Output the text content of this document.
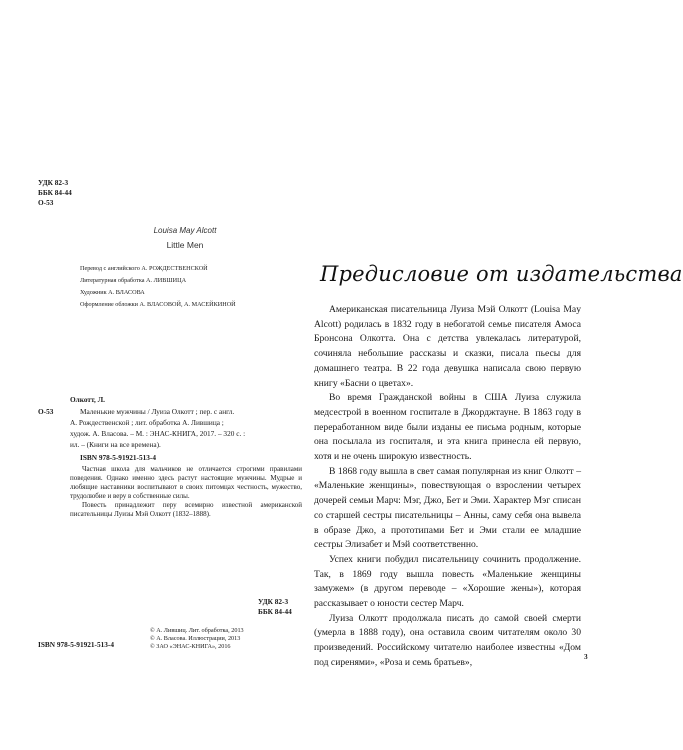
УДК 82-3
ББК 84-44
О-53
Louisa May Alcott
Little Men
Перевод с английского А. РОЖДЕСТВЕНСКОЙ
Литературная обработка А. ЛИВШИЦА
Художник А. ВЛАСОВА
Оформление обложки А. ВЛАСОВОЙ, А. МАСЕЙКИНОЙ
Олкотт, Л.
О-53	Маленькие мужчины / Луиза Олкотт ; пер. с англ.
А. Рождественской ; лит. обработка А. Лившица ;
худож. А. Власова. – М. : ЭНАС-КНИГА, 2017. – 320 с. :
ил. – (Книги на все времена).
ISBN 978-5-91921-513-4

Частная школа для мальчиков не отличается строгими правилами поведения. Однако именно здесь растут настоящие мужчины. Мудрые и любящие наставники воспитывают в своих питомцах честность, мужество, трудолюбие и веру в собственные силы.

Повесть принадлежит перу всемирно известной американской писательницы Луизы Мэй Олкотт (1832–1888).

УДК 82-3
ББК 84-44
ISBN 978-5-91921-513-4
© А. Лившиц. Лит. обработка, 2013
© А. Власова. Иллюстрации, 2013
© ЗАО «ЭНАС-КНИГА», 2016
Предисловие от издательства

Американская писательница Луиза Мэй Олкотт (Louisa May Alcott) родилась в 1832 году в небогатой семье писателя Амоса Бронсона Олкотта. Она с детства увлекалась литературой, сочиняла небольшие рассказы и сказки, писала пьесы для домашнего театра. В 22 года девушка написала свою первую книгу «Басни о цветах».

Во время Гражданской войны в США Луиза служила медсестрой в военном госпитале в Джорджтауне. В 1863 году в переработанном виде были изданы ее письма родным, которые она посылала из госпиталя, и эта книга принесла ей первую, хотя и не очень широкую известность.

В 1868 году вышла в свет самая популярная из книг Олкотт – «Маленькие женщины», повествующая о взрослении четырех дочерей семьи Марч: Мэг, Джо, Бет и Эми. Характер Мэг списан со старшей сестры писательницы – Анны, саму себя она вывела в образе Джо, а прототипами Бет и Эми стали ее младшие сестры Элизабет и Мэй соответственно.

Успех книги побудил писательницу сочинить продолжение. Так, в 1869 году вышла повесть «Маленькие женщины замужем» (в другом переводе – «Хорошие жены»), которая рассказывает о юности сестер Марч.

Луиза Олкотт продолжала писать до самой своей смерти (умерла в 1888 году), она оставила своим читателям около 30 произведений. Российскому читателю наиболее известны «Дом под сиренями», «Роза и семь братьев»,

3
